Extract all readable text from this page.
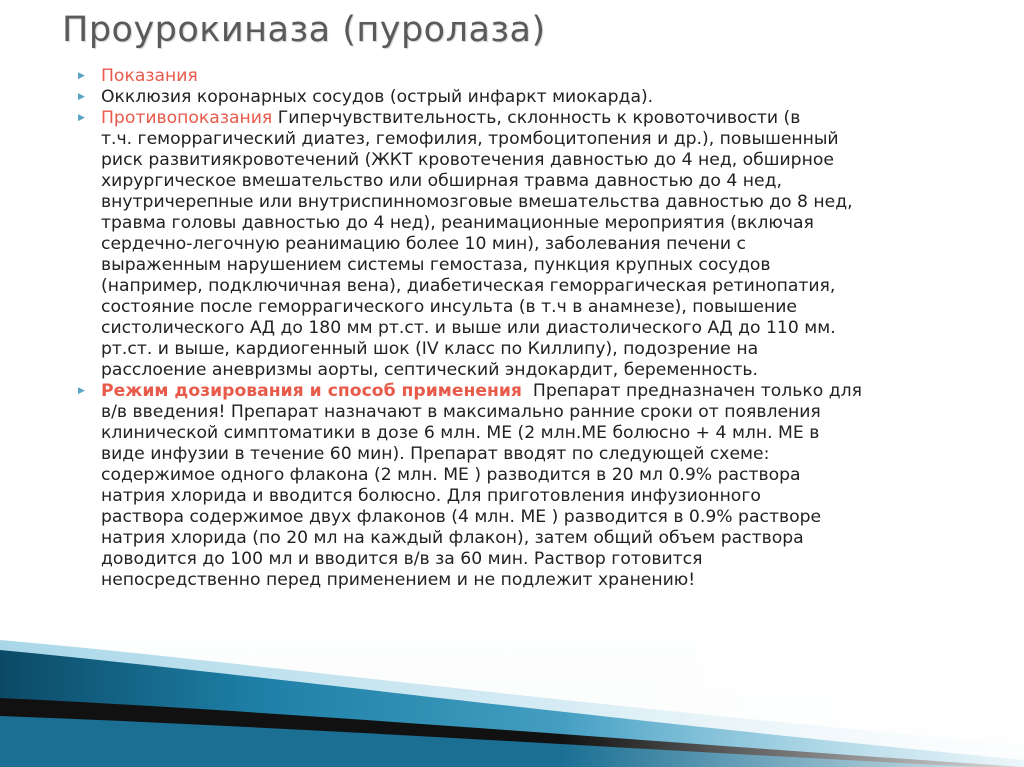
Проурокиназа (пуролаза)
▶ Показания
▶ Окклюзия коронарных сосудов (острый инфаркт миокарда).
▶ Противопоказания Гиперчувствительность, склонность к кровоточивости (в
т.ч. геморрагический диатез, гемофилия, тромбоцитопения и др.), повышенный
риск развитиякровотечений (ЖКТ кровотечения давностью до 4 нед, обширное
хирургическое вмешательство или обширная травма давностью до 4 нед,
внутричерепные или внутриспинномозговые вмешательства давностью до 8 нед,
травма головы давностью до 4 нед), реанимационные мероприятия (включая
сердечно-легочную реанимацию более 10 мин), заболевания печени с
выраженным нарушением системы гемостаза, пункция крупных сосудов
(например, подключичная вена), диабетическая геморрагическая ретинопатия,
состояние после геморрагического инсульта (в т.ч в анамнезе), повышение
систолического АД до 180 мм рт.ст. и выше или диастолического АД до 110 мм.
рт.ст. и выше, кардиогенный шок (IV класс по Киллипу), подозрение на
расслоение аневризмы аорты, септический эндокардит, беременность.
▶ Режим дозирования и способ применения  Препарат предназначен только для
в/в введения! Препарат назначают в максимально ранние сроки от появления
клинической симптоматики в дозе 6 млн. МЕ (2 млн.МЕ болюсно + 4 млн. МЕ в
виде инфузии в течение 60 мин). Препарат вводят по следующей схеме:
содержимое одного флакона (2 млн. МЕ ) разводится в 20 мл 0.9% раствора
натрия хлорида и вводится болюсно. Для приготовления инфузионного
раствора содержимое двух флаконов (4 млн. МЕ ) разводится в 0.9% растворе
натрия хлорида (по 20 мл на каждый флакон), затем общий объем раствора
доводится до 100 мл и вводится в/в за 60 мин. Раствор готовится
непосредственно перед применением и не подлежит хранению!
